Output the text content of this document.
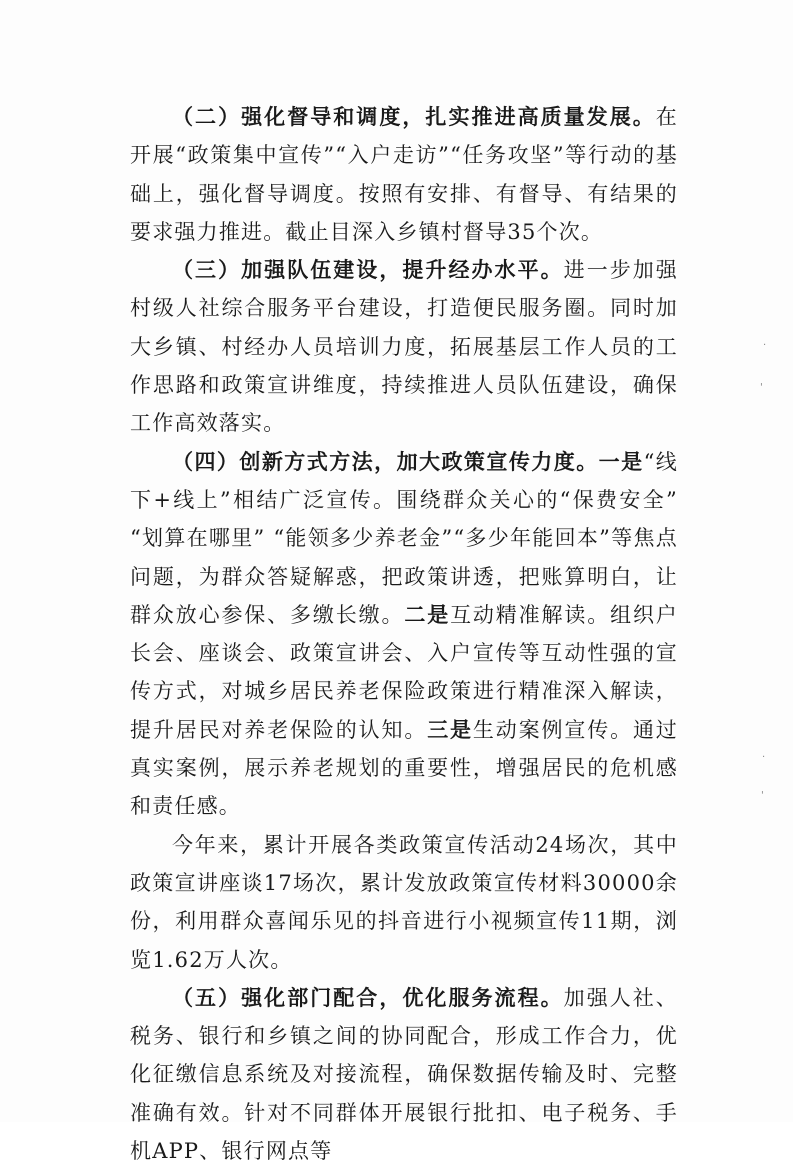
（二）强化督导和调度，扎实推进高质量发展。在开展“政策集中宣传”“入户走访”“任务攻坚”等行动的基础上，强化督导调度。按照有安排、有督导、有结果的要求强力推进。截止目深入乡镇村督导35个次。

（三）加强队伍建设，提升经办水平。进一步加强村级人社综合服务平台建设，打造便民服务圈。同时加大乡镇、村经办人员培训力度，拓展基层工作人员的工作思路和政策宣讲维度，持续推进人员队伍建设，确保工作高效落实。

（四）创新方式方法，加大政策宣传力度。一是“线下+线上”相结广泛宣传。围绕群众关心的“保费安全” “划算在哪里” “能领多少养老金”“多少年能回本”等焦点问题，为群众答疑解惑，把政策讲透，把账算明白，让群众放心参保、多缴长缴。二是互动精准解读。组织户长会、座谈会、政策宣讲会、入户宣传等互动性强的宣传方式，对城乡居民养老保险政策进行精准深入解读，提升居民对养老保险的认知。三是生动案例宣传。通过真实案例，展示养老规划的重要性，增强居民的危机感和责任感。

今年来，累计开展各类政策宣传活动24场次，其中政策宣讲座谈17场次，累计发放政策宣传材料30000余份，利用群众喜闻乐见的抖音进行小视频宣传11期，浏览1.62万人次。

（五）强化部门配合，优化服务流程。加强人社、税务、银行和乡镇之间的协同配合，形成工作合力，优化征缴信息系统及对接流程，确保数据传输及时、完整准确有效。针对不同群体开展银行批扣、电子税务、手机APP、银行网点等

·
'
·
'
